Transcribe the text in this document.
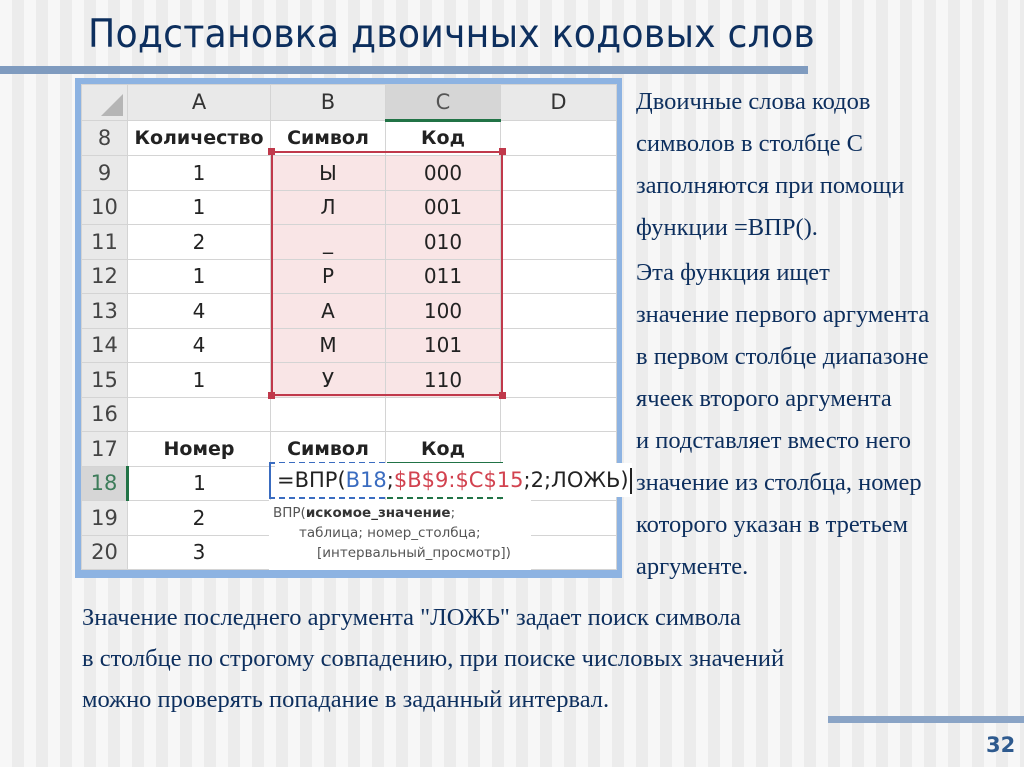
Подстановка двоичных кодовых слов
	A	B	C	D
8	Количество	Символ	Код	
9	1	Ы	000	
10	1	Л	001	
11	2	_	010	
12	1	Р	011	
13	4	А	100	
14	4	М	101	
15	1	У	110	
16				
17	Номер	Символ	Код	
18	1			
19	2			
20	3			
=ВПР(B18;$B$9:$C$15;2;ЛОЖЬ)
ВПР(искомое_значение;
таблица; номер_столбца;
[интервальный_просмотр])

Двоичные слова кодов

символов в столбце С

заполняются при помощи

функции =ВПР().

Эта функция ищет

значение первого аргумента

в первом столбце диапазоне

ячеек второго аргумента

и подставляет вместо него

значение из столбца, номер

которого указан в третьем

аргументе.

Значение последнего аргумента "ЛОЖЬ" задает поиск символа

в столбце по строгому совпадению, при поиске числовых значений

можно проверять попадание в заданный интервал.

32
